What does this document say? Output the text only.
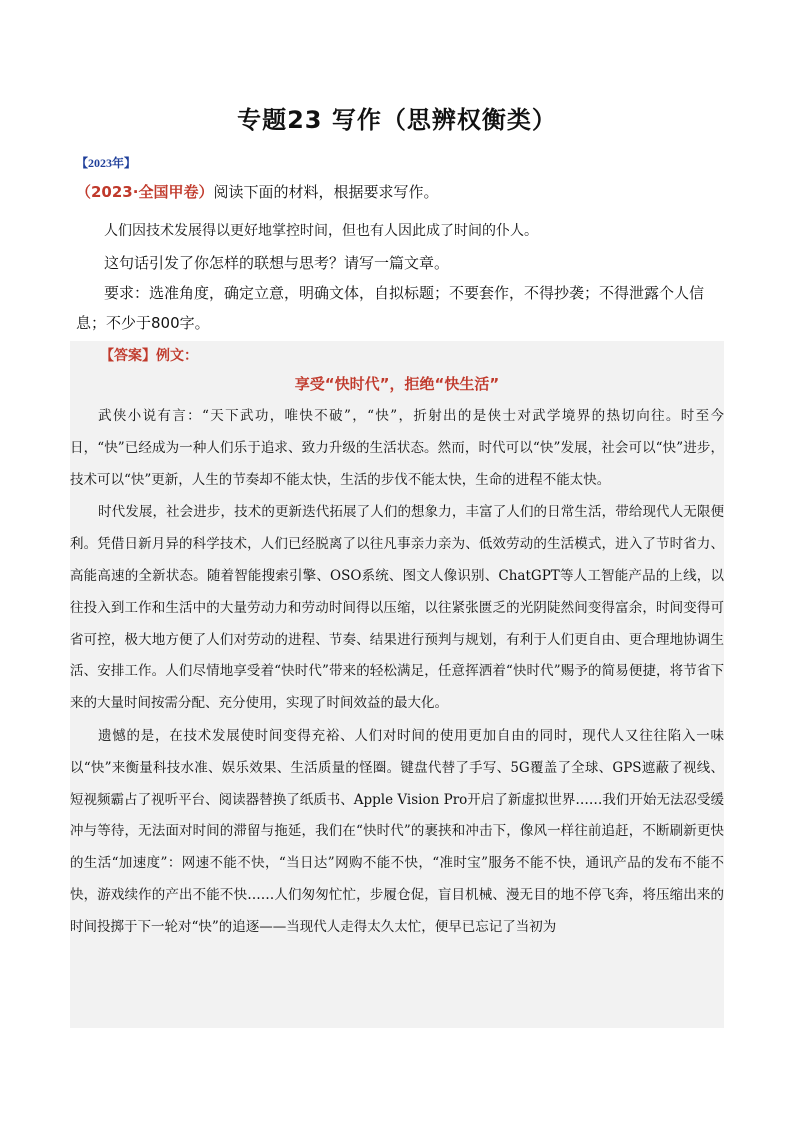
专题23 写作（思辨权衡类）
【2023年】
（2023·全国甲卷）阅读下面的材料，根据要求写作。
人们因技术发展得以更好地掌控时间，但也有人因此成了时间的仆人。
这句话引发了你怎样的联想与思考？请写一篇文章。
要求：选准角度，确定立意，明确文体，自拟标题；不要套作，不得抄袭；不得泄露个人信息；不少于800字。
【答案】例文：
享受“快时代”，拒绝“快生活”

武侠小说有言：“天下武功，唯快不破”，“快”，折射出的是侠士对武学境界的热切向往。时至今日，“快”已经成为一种人们乐于追求、致力升级的生活状态。然而，时代可以“快”发展，社会可以“快”进步，技术可以“快”更新，人生的节奏却不能太快，生活的步伐不能太快，生命的进程不能太快。

时代发展，社会进步，技术的更新迭代拓展了人们的想象力，丰富了人们的日常生活，带给现代人无限便利。凭借日新月异的科学技术，人们已经脱离了以往凡事亲力亲为、低效劳动的生活模式，进入了节时省力、高能高速的全新状态。随着智能搜索引擎、OSO系统、图文人像识别、ChatGPT等人工智能产品的上线，以往投入到工作和生活中的大量劳动力和劳动时间得以压缩，以往紧张匮乏的光阴陡然间变得富余，时间变得可省可控，极大地方便了人们对劳动的进程、节奏、结果进行预判与规划，有利于人们更自由、更合理地协调生活、安排工作。人们尽情地享受着“快时代”带来的轻松满足，任意挥洒着“快时代”赐予的简易便捷，将节省下来的大量时间按需分配、充分使用，实现了时间效益的最大化。

遗憾的是，在技术发展使时间变得充裕、人们对时间的使用更加自由的同时，现代人又往往陷入一味以“快”来衡量科技水准、娱乐效果、生活质量的怪圈。键盘代替了手写、5G覆盖了全球、GPS遮蔽了视线、短视频霸占了视听平台、阅读器替换了纸质书、Apple Vision Pro开启了新虚拟世界……我们开始无法忍受缓冲与等待，无法面对时间的滞留与拖延，我们在“快时代”的裹挟和冲击下，像风一样往前追赶，不断刷新更快的生活“加速度”：网速不能不快，“当日达”网购不能不快，“准时宝”服务不能不快，通讯产品的发布不能不快，游戏续作的产出不能不快……人们匆匆忙忙，步履仓促，盲目机械、漫无目的地不停飞奔，将压缩出来的时间投掷于下一轮对“快”的追逐——当现代人走得太久太忙，便早已忘记了当初为
